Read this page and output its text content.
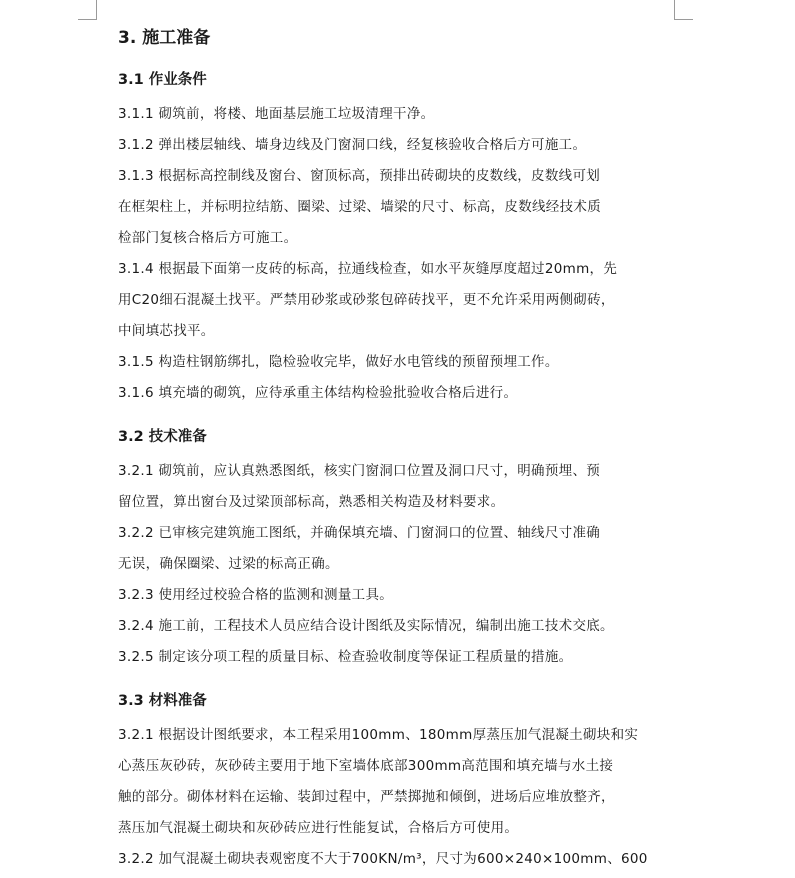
3. 施工准备
3.1 作业条件
3.1.1 砌筑前，将楼、地面基层施工垃圾清理干净。
3.1.2 弹出楼层轴线、墙身边线及门窗洞口线，经复核验收合格后方可施工。
3.1.3 根据标高控制线及窗台、窗顶标高，预排出砖砌块的皮数线，皮数线可划
在框架柱上，并标明拉结筋、圈梁、过梁、墙梁的尺寸、标高，皮数线经技术质
检部门复核合格后方可施工。
3.1.4 根据最下面第一皮砖的标高，拉通线检查，如水平灰缝厚度超过20mm，先
用C20细石混凝土找平。严禁用砂浆或砂浆包碎砖找平，更不允许采用两侧砌砖，
中间填芯找平。
3.1.5 构造柱钢筋绑扎，隐检验收完毕，做好水电管线的预留预埋工作。
3.1.6 填充墙的砌筑，应待承重主体结构检验批验收合格后进行。
3.2 技术准备
3.2.1 砌筑前，应认真熟悉图纸，核实门窗洞口位置及洞口尺寸，明确预埋、预
留位置，算出窗台及过梁顶部标高，熟悉相关构造及材料要求。
3.2.2 已审核完建筑施工图纸，并确保填充墙、门窗洞口的位置、轴线尺寸准确
无误，确保圈梁、过梁的标高正确。
3.2.3 使用经过校验合格的监测和测量工具。
3.2.4 施工前，工程技术人员应结合设计图纸及实际情况，编制出施工技术交底。
3.2.5 制定该分项工程的质量目标、检查验收制度等保证工程质量的措施。
3.3 材料准备
3.2.1 根据设计图纸要求，本工程采用100mm、180mm厚蒸压加气混凝土砌块和实
心蒸压灰砂砖，灰砂砖主要用于地下室墙体底部300mm高范围和填充墙与水土接
触的部分。砌体材料在运输、装卸过程中，严禁掷抛和倾倒，进场后应堆放整齐，
蒸压加气混凝土砌块和灰砂砖应进行性能复试，合格后方可使用。
3.2.2 加气混凝土砌块表观密度不大于700KN/m³，尺寸为600×240×100mm、600
